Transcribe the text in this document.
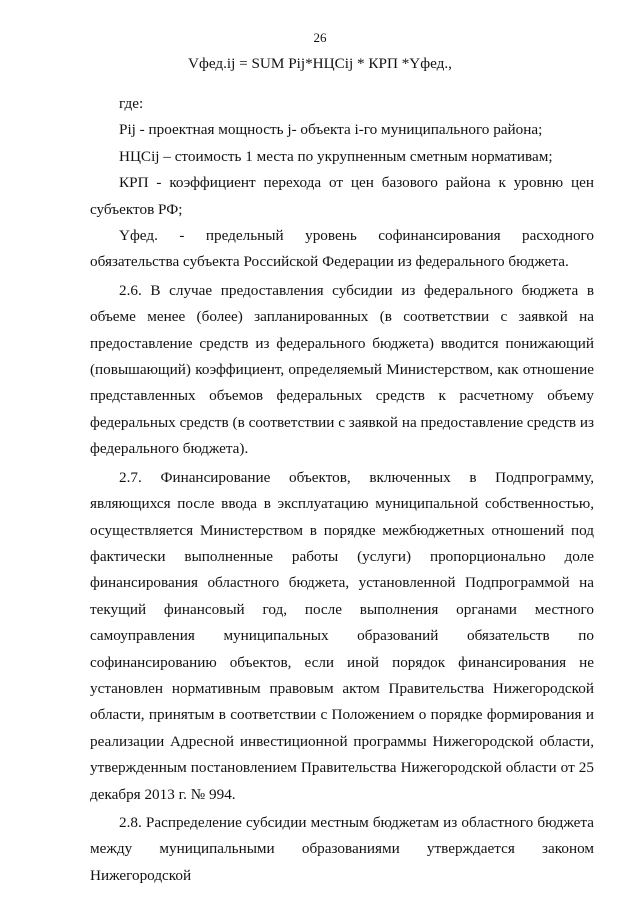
26
Vфед.ij = SUM Pij*НЦСij * КРП *Yфед.,

где:

Pij - проектная мощность j- объекта i-го муниципального района;

НЦСij – стоимость 1 места по укрупненным сметным нормативам;

КРП - коэффициент перехода от цен базового района к уровню цен субъектов РФ;

Yфед. - предельный уровень софинансирования расходного обязательства субъекта Российской Федерации из федерального бюджета.

2.6. В случае предоставления субсидии из федерального бюджета в объеме менее (более) запланированных (в соответствии с заявкой на предоставление средств из федерального бюджета) вводится понижающий (повышающий) коэффициент, определяемый Министерством, как отношение представленных объемов федеральных средств к расчетному объему федеральных средств (в соответствии с заявкой на предоставление средств из федерального бюджета).

2.7. Финансирование объектов, включенных в Подпрограмму, являющихся после ввода в эксплуатацию муниципальной собственностью, осуществляется Министерством в порядке межбюджетных отношений под фактически выполненные работы (услуги) пропорционально доле финансирования областного бюджета, установленной Подпрограммой на текущий финансовый год, после выполнения органами местного самоуправления муниципальных образований обязательств по софинансированию объектов, если иной порядок финансирования не установлен нормативным правовым актом Правительства Нижегородской области, принятым в соответствии с Положением о порядке формирования и реализации Адресной инвестиционной программы Нижегородской области, утвержденным постановлением Правительства Нижегородской области от 25 декабря 2013 г. № 994.

2.8. Распределение субсидии местным бюджетам из областного бюджета между муниципальными образованиями утверждается законом Нижегородской
